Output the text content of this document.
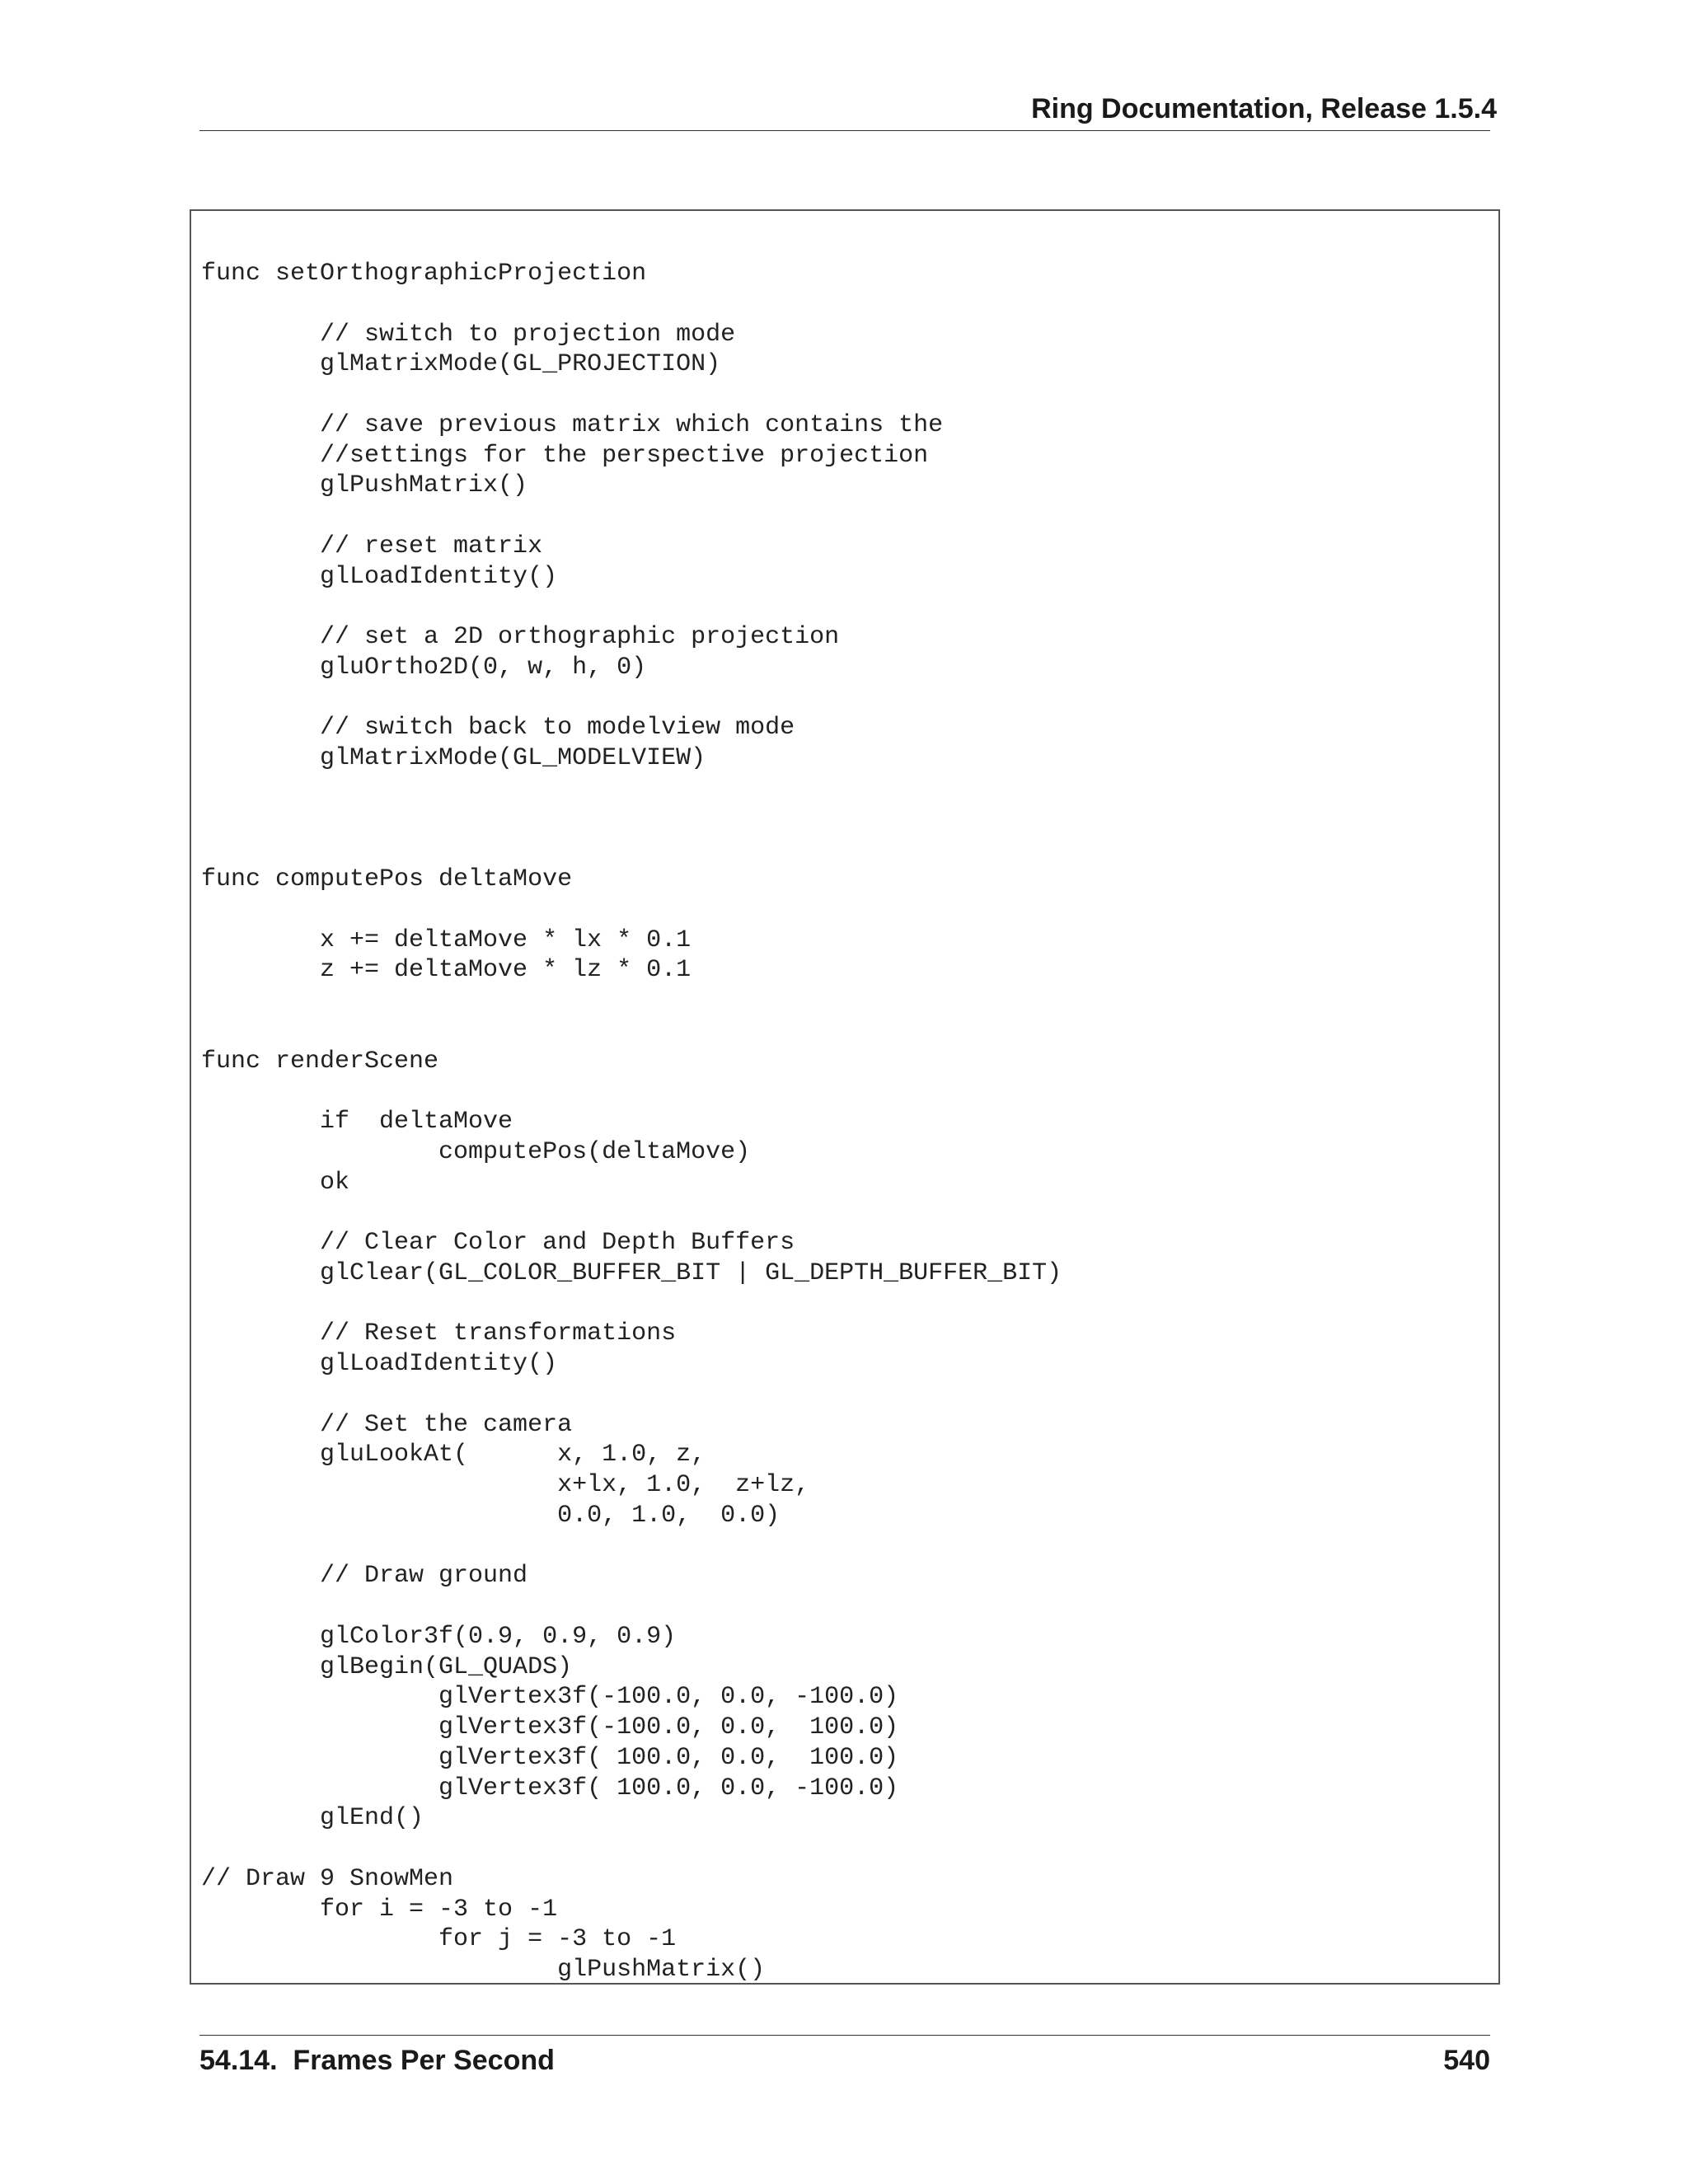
Ring Documentation, Release 1.5.4
func setOrthographicProjection

// switch to projection mode
glMatrixMode(GL_PROJECTION)

// save previous matrix which contains the
//settings for the perspective projection
glPushMatrix()

// reset matrix
glLoadIdentity()

// set a 2D orthographic projection
gluOrtho2D(0, w, h, 0)

// switch back to modelview mode
glMatrixMode(GL_MODELVIEW)

func computePos deltaMove

x += deltaMove * lx * 0.1
z += deltaMove * lz * 0.1

func renderScene

if  deltaMove
computePos(deltaMove)
ok

// Clear Color and Depth Buffers
glClear(GL_COLOR_BUFFER_BIT | GL_DEPTH_BUFFER_BIT)

// Reset transformations
glLoadIdentity()

// Set the camera
gluLookAt(      x, 1.0, z,
x+lx, 1.0,  z+lz,
0.0, 1.0,  0.0)

// Draw ground

glColor3f(0.9, 0.9, 0.9)
glBegin(GL_QUADS)
glVertex3f(-100.0, 0.0, -100.0)
glVertex3f(-100.0, 0.0,  100.0)
glVertex3f( 100.0, 0.0,  100.0)
glVertex3f( 100.0, 0.0, -100.0)
glEnd()

// Draw 9 SnowMen
for i = -3 to -1
for j = -3 to -1
glPushMatrix()
54.14.  Frames Per Second	540
